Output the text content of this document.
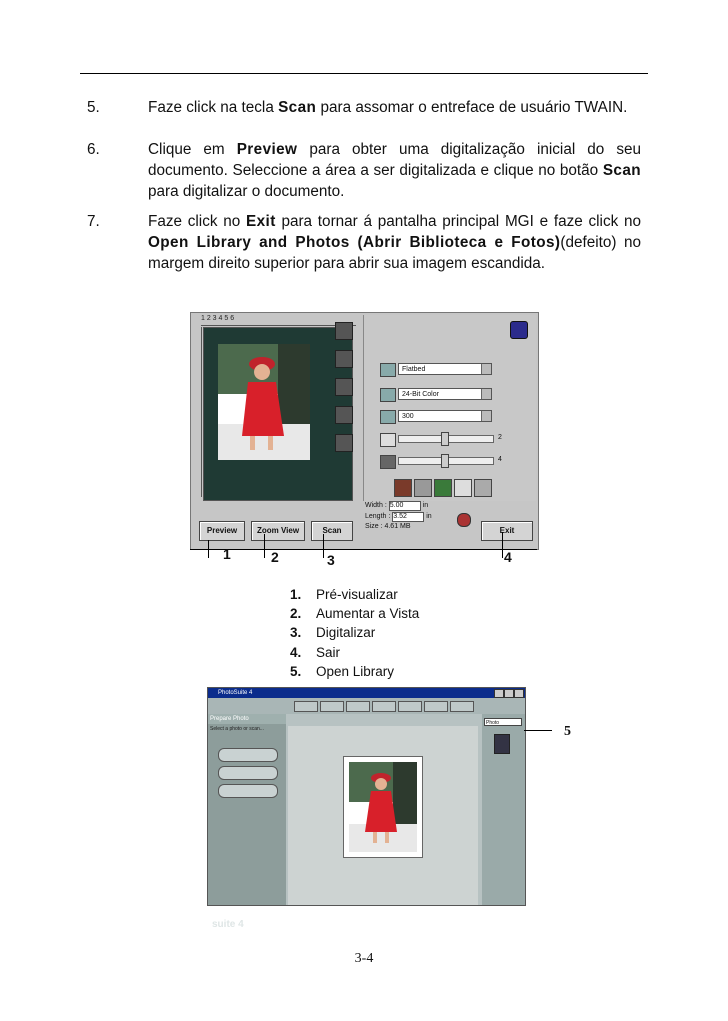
5.	Faze click na tecla Scan para assomar o entreface de usuário TWAIN.
6.	Clique em Preview para obter uma digitalização inicial do seu documento. Seleccione a área a ser digitalizada e clique no botão Scan para digitalizar o documento.
7.	Faze click no Exit para tornar á pantalha principal MGI e faze click no Open Library and Photos (Abrir Biblioteca e Fotos)(defeito) no margem direito superior para abrir sua imagem escandida.
1 2 3 4 5 6
Flatbed
24-Bit Color
300
2
4
Width : 5.00	in
Length : 3.52	in
Size : 4.61 MB
Preview	Zoom View	Scan	Exit
1	2	3	4
1. Pré-visualizar
2. Aumentar a Vista
3. Digitalizar
4. Sair
5. Open Library
PhotoSuite 4
Prepare Photo
Select a photo or scan...
suite 4
Photo
5
3-4
